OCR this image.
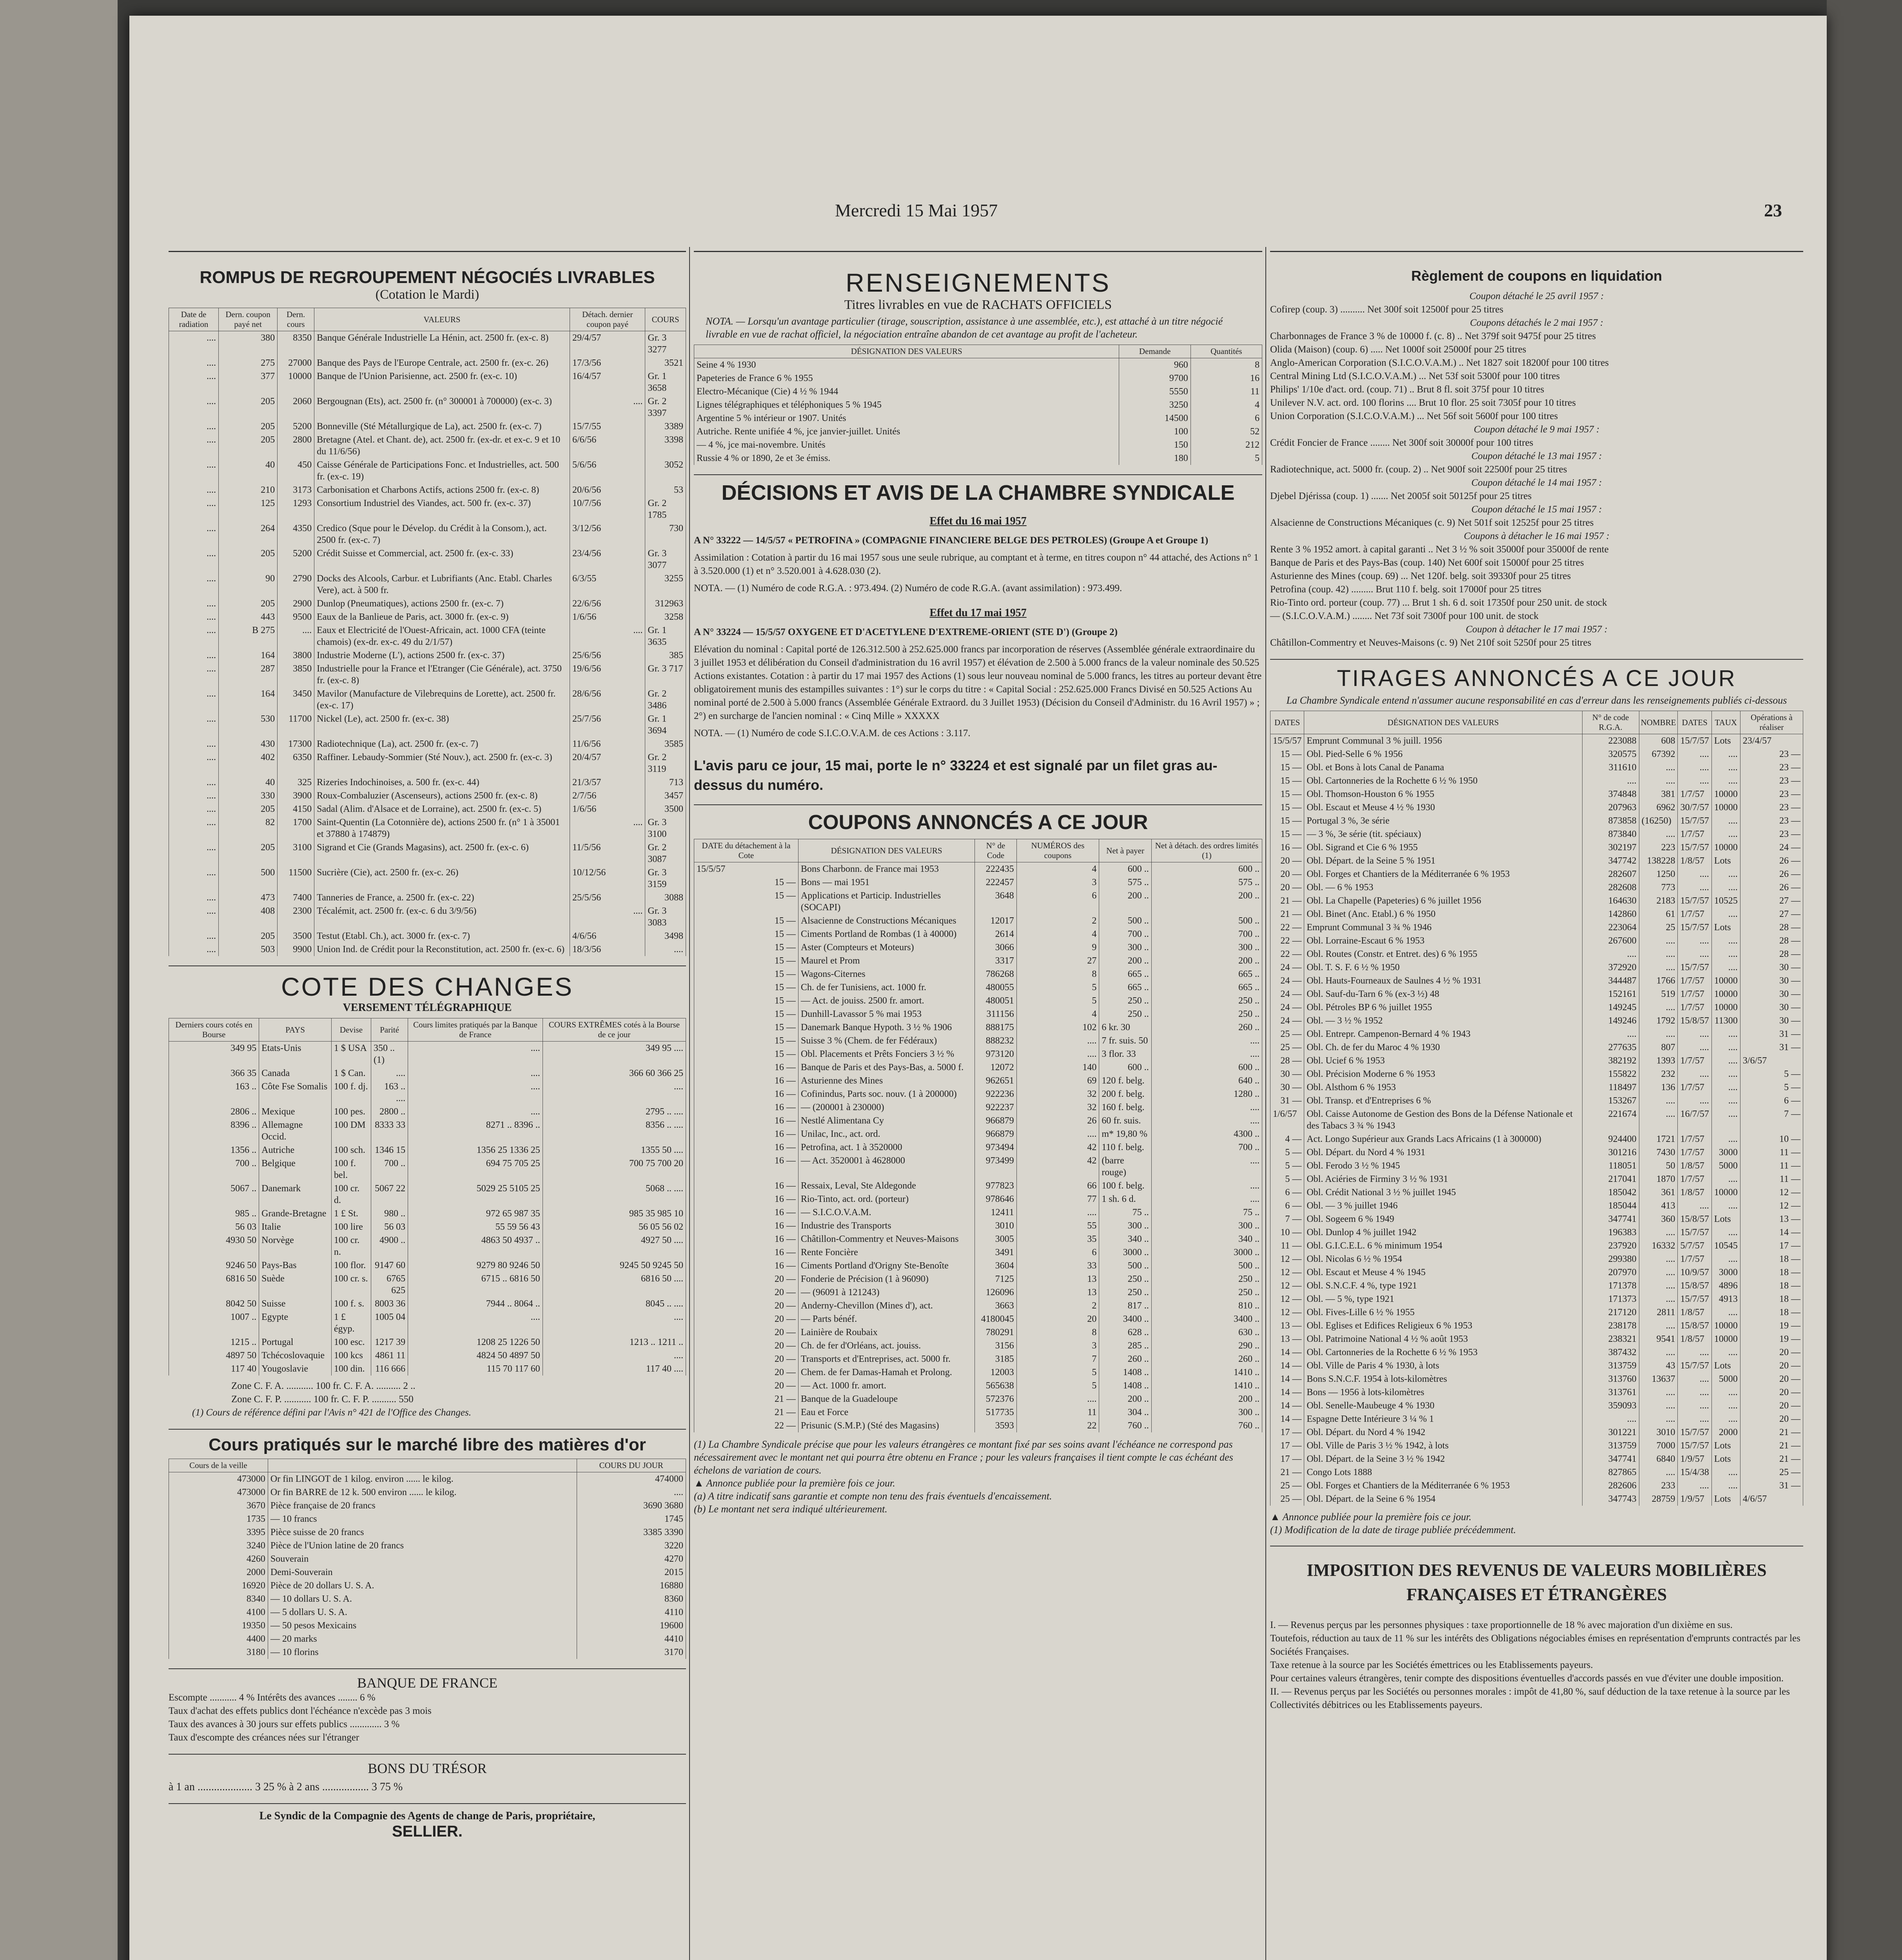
Mercredi 15 Mai 1957	23
ROMPUS DE REGROUPEMENT NÉGOCIÉS LIVRABLES
(Cotation le Mardi)
Date de radiation	Dern. coupon payé net	Dern. cours	VALEURS	Détach. dernier coupon payé	COURS
....	380	8350	Banque Générale Industrielle La Hénin, act. 2500 fr. (ex-c. 8)	29/4/57	Gr. 3 3277
....	275	27000	Banque des Pays de l'Europe Centrale, act. 2500 fr. (ex-c. 26)	17/3/56	3521
....	377	10000	Banque de l'Union Parisienne, act. 2500 fr. (ex-c. 10)	16/4/57	Gr. 1 3658
....	205	2060	Bergougnan (Ets), act. 2500 fr. (n° 300001 à 700000) (ex-c. 3)	....	Gr. 2 3397
....	205	5200	Bonneville (Sté Métallurgique de La), act. 2500 fr. (ex-c. 7)	15/7/55	3389
....	205	2800	Bretagne (Atel. et Chant. de), act. 2500 fr. (ex-dr. et ex-c. 9 et 10 du 11/6/56)	6/6/56	3398
....	40	450	Caisse Générale de Participations Fonc. et Industrielles, act. 500 fr. (ex-c. 19)	5/6/56	3052
....	210	3173	Carbonisation et Charbons Actifs, actions 2500 fr. (ex-c. 8)	20/6/56	53
....	125	1293	Consortium Industriel des Viandes, act. 500 fr. (ex-c. 37)	10/7/56	Gr. 2 1785
....	264	4350	Credico (Sque pour le Dévelop. du Crédit à la Consom.), act. 2500 fr. (ex-c. 7)	3/12/56	730
....	205	5200	Crédit Suisse et Commercial, act. 2500 fr. (ex-c. 33)	23/4/56	Gr. 3 3077
....	90	2790	Docks des Alcools, Carbur. et Lubrifiants (Anc. Etabl. Charles Vere), act. à 500 fr.	6/3/55	3255
....	205	2900	Dunlop (Pneumatiques), actions 2500 fr. (ex-c. 7)	22/6/56	312963
....	443	9500	Eaux de la Banlieue de Paris, act. 3000 fr. (ex-c. 9)	1/6/56	3258
....	B 275	....	Eaux et Electricité de l'Ouest-Africain, act. 1000 CFA (teinte chamois) (ex-dr. ex-c. 49 du 2/1/57)	....	Gr. 1 3635
....	164	3800	Industrie Moderne (L'), actions 2500 fr. (ex-c. 37)	25/6/56	385
....	287	3850	Industrielle pour la France et l'Etranger (Cie Générale), act. 3750 fr. (ex-c. 8)	19/6/56	Gr. 3 717
....	164	3450	Mavilor (Manufacture de Vilebrequins de Lorette), act. 2500 fr. (ex-c. 17)	28/6/56	Gr. 2 3486
....	530	11700	Nickel (Le), act. 2500 fr. (ex-c. 38)	25/7/56	Gr. 1 3694
....	430	17300	Radiotechnique (La), act. 2500 fr. (ex-c. 7)	11/6/56	3585
....	402	6350	Raffiner. Lebaudy-Sommier (Sté Nouv.), act. 2500 fr. (ex-c. 3)	20/4/57	Gr. 2 3119
....	40	325	Rizeries Indochinoises, a. 500 fr. (ex-c. 44)	21/3/57	713
....	330	3900	Roux-Combaluzier (Ascenseurs), actions 2500 fr. (ex-c. 8)	2/7/56	3457
....	205	4150	Sadal (Alim. d'Alsace et de Lorraine), act. 2500 fr. (ex-c. 5)	1/6/56	3500
....	82	1700	Saint-Quentin (La Cotonnière de), actions 2500 fr. (n° 1 à 35001 et 37880 à 174879)	....	Gr. 3 3100
....	205	3100	Sigrand et Cie (Grands Magasins), act. 2500 fr. (ex-c. 6)	11/5/56	Gr. 2 3087
....	500	11500	Sucrière (Cie), act. 2500 fr. (ex-c. 26)	10/12/56	Gr. 3 3159
....	473	7400	Tanneries de France, a. 2500 fr. (ex-c. 22)	25/5/56	3088
....	408	2300	Técalémit, act. 2500 fr. (ex-c. 6 du 3/9/56)	....	Gr. 3 3083
....	205	3500	Testut (Etabl. Ch.), act. 3000 fr. (ex-c. 7)	4/6/56	3498
....	503	9900	Union Ind. de Crédit pour la Reconstitution, act. 2500 fr. (ex-c. 6)	18/3/56	....
COTE DES CHANGES
VERSEMENT TÉLÉGRAPHIQUE
Derniers cours cotés en Bourse	PAYS	Devise	Parité	Cours limites pratiqués par la Banque de France	COURS EXTRÊMES cotés à la Bourse de ce jour
349 95	Etats-Unis	1 $ USA	350 ..(1)	....	349 95 ....
366 35	Canada	1 $ Can.	....	....	366 60 366 25
163 ..	Côte Fse Somalis	100 f. dj.	163 .. ....	....	....
2806 ..	Mexique	100 pes.	2800 ..	....	2795 .. ....
8396 ..	Allemagne Occid.	100 DM	8333 33	8271 .. 8396 ..	8356 .. ....
1356 ..	Autriche	100 sch.	1346 15	1356 25 1336 25	1355 50 ....
700 ..	Belgique	100 f. bel.	700 ..	694 75 705 25	700 75 700 20
5067 ..	Danemark	100 cr. d.	5067 22	5029 25 5105 25	5068 .. ....
985 ..	Grande-Bretagne	1 £ St.	980 ..	972 65 987 35	985 35 985 10
56 03	Italie	100 lire	56 03	55 59 56 43	56 05 56 02
4930 50	Norvège	100 cr. n.	4900 ..	4863 50 4937 ..	4927 50 ....
9246 50	Pays-Bas	100 flor.	9147 60	9279 80 9246 50	9245 50 9245 50
6816 50	Suède	100 cr. s.	6765 625	6715 .. 6816 50	6816 50 ....
8042 50	Suisse	100 f. s.	8003 36	7944 .. 8064 ..	8045 .. ....
1007 ..	Egypte	1 £ égyp.	1005 04	....	....
1215 ..	Portugal	100 esc.	1217 39	1208 25 1226 50	1213 .. 1211 ..
4897 50	Tchécoslovaquie	100 kcs	4861 11	4824 50 4897 50	....
117 40	Yougoslavie	100 din.	116 666	115 70 117 60	117 40 ....
Zone C. F. A. ........... 100 fr. C. F. A. .......... 2 ..
Zone C. F. P. ........... 100 fr. C. F. P. .......... 550
(1) Cours de référence défini par l'Avis n° 421 de l'Office des Changes.
Cours pratiqués sur le marché libre des matières d'or
Cours de la veille		COURS DU JOUR
473000	Or fin LINGOT de 1 kilog. environ ...... le kilog.	474000
473000	Or fin BARRE de 12 k. 500 environ ...... le kilog.	....
3670	Pièce française de 20 francs	3690 3680
1735	— 10 francs	1745
3395	Pièce suisse de 20 francs	3385 3390
3240	Pièce de l'Union latine de 20 francs	3220
4260	Souverain	4270
2000	Demi-Souverain	2015
16920	Pièce de 20 dollars U. S. A.	16880
8340	— 10 dollars U. S. A.	8360
4100	— 5 dollars U. S. A.	4110
19350	— 50 pesos Mexicains	19600
4400	— 20 marks	4410
3180	— 10 florins	3170
BANQUE DE FRANCE
Escompte ........... 4 % Intérêts des avances ........ 6 %
Taux d'achat des effets publics dont l'échéance n'excède pas 3 mois
Taux des avances à 30 jours sur effets publics ............. 3 %
Taux d'escompte des créances nées sur l'étranger
BONS DU TRÉSOR
à 1 an .................... 3 25 % à 2 ans ................. 3 75 %
Le Syndic de la Compagnie des Agents de change de Paris, propriétaire,
SELLIER.
RENSEIGNEMENTS
Titres livrables en vue de RACHATS OFFICIELS
NOTA. — Lorsqu'un avantage particulier (tirage, souscription, assistance à une assemblée, etc.), est attaché à un titre négocié livrable en vue de rachat officiel, la négociation entraîne abandon de cet avantage au profit de l'acheteur.
DÉSIGNATION DES VALEURS	Demande	Quantités
Seine 4 % 1930	960	8
Papeteries de France 6 % 1955	9700	16
Electro-Mécanique (Cie) 4 ½ % 1944	5550	11
Lignes télégraphiques et téléphoniques 5 % 1945	3250	4
Argentine 5 % intérieur or 1907. Unités	14500	6
Autriche. Rente unifiée 4 %, jce janvier-juillet. Unités	100	52
— 4 %, jce mai-novembre. Unités	150	212
Russie 4 % or 1890, 2e et 3e émiss.	180	5
DÉCISIONS ET AVIS DE LA CHAMBRE SYNDICALE
Effet du 16 mai 1957
A N° 33222 — 14/5/57 « PETROFINA » (COMPAGNIE FINANCIERE BELGE DES PETROLES) (Groupe A et Groupe 1)
Assimilation : Cotation à partir du 16 mai 1957 sous une seule rubrique, au comptant et à terme, en titres coupon n° 44 attaché, des Actions n° 1 à 3.520.000 (1) et n° 3.520.001 à 4.628.030 (2).
NOTA. — (1) Numéro de code R.G.A. : 973.494. (2) Numéro de code R.G.A. (avant assimilation) : 973.499.
Effet du 17 mai 1957
A N° 33224 — 15/5/57 OXYGENE ET D'ACETYLENE D'EXTREME-ORIENT (STE D') (Groupe 2)
Elévation du nominal : Capital porté de 126.312.500 à 252.625.000 francs par incorporation de réserves (Assemblée générale extraordinaire du 3 juillet 1953 et délibération du Conseil d'administration du 16 avril 1957) et élévation de 2.500 à 5.000 francs de la valeur nominale des 50.525 Actions existantes. Cotation : à partir du 17 mai 1957 des Actions (1) sous leur nouveau nominal de 5.000 francs, les titres au porteur devant être obligatoirement munis des estampilles suivantes : 1°) sur le corps du titre : « Capital Social : 252.625.000 Francs Divisé en 50.525 Actions Au nominal porté de 2.500 à 5.000 francs (Assemblée Générale Extraord. du 3 Juillet 1953) (Décision du Conseil d'Administr. du 16 Avril 1957) » ; 2°) en surcharge de l'ancien nominal : « Cinq Mille » XXXXX
NOTA. — (1) Numéro de code S.I.C.O.V.A.M. de ces Actions : 3.117.
L'avis paru ce jour, 15 mai, porte le n° 33224 et est signalé par un filet gras au-dessus du numéro.
COUPONS ANNONCÉS A CE JOUR
DATE du détachement à la Cote	DÉSIGNATION DES VALEURS	N° de Code	NUMÉROS des coupons	Net à payer	Net à détach. des ordres limités (1)
15/5/57	Bons Charbonn. de France mai 1953	222435	4	600 ..	600 ..
15 —	Bons — mai 1951	222457	3	575 ..	575 ..
15 —	Applications et Particip. Industrielles (SOCAPI)	3648	6	200 ..	200 ..
15 —	Alsacienne de Constructions Mécaniques	12017	2	500 ..	500 ..
15 —	Ciments Portland de Rombas (1 à 40000)	2614	4	700 ..	700 ..
15 —	Aster (Compteurs et Moteurs)	3066	9	300 ..	300 ..
15 —	Maurel et Prom	3317	27	200 ..	200 ..
15 —	Wagons-Citernes	786268	8	665 ..	665 ..
15 —	Ch. de fer Tunisiens, act. 1000 fr.	480055	5	665 ..	665 ..
15 —	— Act. de jouiss. 2500 fr. amort.	480051	5	250 ..	250 ..
15 —	Dunhill-Lavassor 5 % mai 1953	311156	4	250 ..	250 ..
15 —	Danemark Banque Hypoth. 3 ½ % 1906	888175	102	6 kr. 30	260 ..
15 —	Suisse 3 % (Chem. de fer Fédéraux)	888232	....	7 fr. suis. 50	....
15 —	Obl. Placements et Prêts Fonciers 3 ½ %	973120	....	3 flor. 33	....
16 —	Banque de Paris et des Pays-Bas, a. 5000 f.	12072	140	600 ..	600 ..
16 —	Asturienne des Mines	962651	69	120 f. belg.	640 ..
16 —	Cofinindus, Parts soc. nouv. (1 à 200000)	922236	32	200 f. belg.	1280 ..
16 —	— (200001 à 230000)	922237	32	160 f. belg.	....
16 —	Nestlé Alimentana Cy	966879	26	60 fr. suis.	....
16 —	Unilac, Inc., act. ord.	966879	....	m* 19,80 %	4300 ..
16 —	Petrofina, act. 1 à 3520000	973494	42	110 f. belg.	700 ..
16 —	— Act. 3520001 à 4628000	973499	42	(barre rouge)	....
16 —	Ressaix, Leval, Ste Aldegonde	977823	66	100 f. belg.	....
16 —	Rio-Tinto, act. ord. (porteur)	978646	77	1 sh. 6 d.	....
16 —	— S.I.C.O.V.A.M.	12411	....	75 ..	75 ..
16 —	Industrie des Transports	3010	55	300 ..	300 ..
16 —	Châtillon-Commentry et Neuves-Maisons	3005	35	340 ..	340 ..
16 —	Rente Foncière	3491	6	3000 ..	3000 ..
16 —	Ciments Portland d'Origny Ste-Benoîte	3604	33	500 ..	500 ..
20 —	Fonderie de Précision (1 à 96090)	7125	13	250 ..	250 ..
20 —	— (96091 à 121243)	126096	13	250 ..	250 ..
20 —	Anderny-Chevillon (Mines d'), act.	3663	2	817 ..	810 ..
20 —	— Parts bénéf.	4180045	20	3400 ..	3400 ..
20 —	Lainière de Roubaix	780291	8	628 ..	630 ..
20 —	Ch. de fer d'Orléans, act. jouiss.	3156	3	285 ..	290 ..
20 —	Transports et d'Entreprises, act. 5000 fr.	3185	7	260 ..	260 ..
20 —	Chem. de fer Damas-Hamah et Prolong.	12003	5	1408 ..	1410 ..
20 —	— Act. 1000 fr. amort.	565638	5	1408 ..	1410 ..
21 —	Banque de la Guadeloupe	572376	....	200 ..	200 ..
21 —	Eau et Force	517735	11	304 ..	300 ..
22 —	Prisunic (S.M.P.) (Sté des Magasins)	3593	22	760 ..	760 ..
(1) La Chambre Syndicale précise que pour les valeurs étrangères ce montant fixé par ses soins avant l'échéance ne correspond pas nécessairement avec le montant net qui pourra être obtenu en France ; pour les valeurs françaises il tient compte le cas échéant des échelons de variation de cours.
▲ Annonce publiée pour la première fois ce jour.
(a) A titre indicatif sans garantie et compte non tenu des frais éventuels d'encaissement.
(b) Le montant net sera indiqué ultérieurement.
Règlement de coupons en liquidation
Coupon détaché le 25 avril 1957 :
Cofirep (coup. 3) .......... Net 300f soit 12500f pour 25 titres
Coupons détachés le 2 mai 1957 :
Charbonnages de France 3 % de 10000 f. (c. 8) .. Net 379f soit 9475f pour 25 titres
Olida (Maison) (coup. 6) ..... Net 1000f soit 25000f pour 25 titres
Anglo-American Corporation (S.I.C.O.V.A.M.) .. Net 1827 soit 18200f pour 100 titres
Central Mining Ltd (S.I.C.O.V.A.M.) ... Net 53f soit 5300f pour 100 titres
Philips' 1/10e d'act. ord. (coup. 71) .. Brut 8 fl. soit 375f pour 10 titres
Unilever N.V. act. ord. 100 florins .... Brut 10 flor. 25 soit 7305f pour 10 titres
Union Corporation (S.I.C.O.V.A.M.) ... Net 56f soit 5600f pour 100 titres
Coupon détaché le 9 mai 1957 :
Crédit Foncier de France ........ Net 300f soit 30000f pour 100 titres
Coupon détaché le 13 mai 1957 :
Radiotechnique, act. 5000 fr. (coup. 2) .. Net 900f soit 22500f pour 25 titres
Coupon détaché le 14 mai 1957 :
Djebel Djérissa (coup. 1) ....... Net 2005f soit 50125f pour 25 titres
Coupon détaché le 15 mai 1957 :
Alsacienne de Constructions Mécaniques (c. 9) Net 501f soit 12525f pour 25 titres
Coupons à détacher le 16 mai 1957 :
Rente 3 % 1952 amort. à capital garanti .. Net 3 ½ % soit 35000f pour 35000f de rente
Banque de Paris et des Pays-Bas (coup. 140) Net 600f soit 15000f pour 25 titres
Asturienne des Mines (coup. 69) ... Net 120f. belg. soit 39330f pour 25 titres
Petrofina (coup. 42) ......... Brut 110 f. belg. soit 17000f pour 25 titres
Rio-Tinto ord. porteur (coup. 77) ... Brut 1 sh. 6 d. soit 17350f pour 250 unit. de stock
— (S.I.C.O.V.A.M.) ........ Net 73f soit 7300f pour 100 unit. de stock
Coupon à détacher le 17 mai 1957 :
Châtillon-Commentry et Neuves-Maisons (c. 9) Net 210f soit 5250f pour 25 titres
TIRAGES ANNONCÉS A CE JOUR
La Chambre Syndicale entend n'assumer aucune responsabilité en cas d'erreur dans les renseignements publiés ci-dessous
DATES	DÉSIGNATION DES VALEURS	N° de code R.G.A.	NOMBRE	DATES	TAUX	Opérations à réaliser
15/5/57	Emprunt Communal 3 % juill. 1956	223088	608	15/7/57	Lots	23/4/57
15 —	Obl. Pied-Selle 6 % 1956	320575	67392	....	....	23 —
15 —	Obl. et Bons à lots Canal de Panama	311610	....	....	....	23 —
15 —	Obl. Cartonneries de la Rochette 6 ½ % 1950	....	....	....	....	23 —
15 —	Obl. Thomson-Houston 6 % 1955	374848	381	1/7/57	10000	23 —
15 —	Obl. Escaut et Meuse 4 ½ % 1930	207963	6962	30/7/57	10000	23 —
15 —	Portugal 3 %, 3e série	873858	(16250)	15/7/57	....	23 —
15 —	— 3 %, 3e série (tit. spéciaux)	873840	....	1/7/57	....	23 —
16 —	Obl. Sigrand et Cie 6 % 1955	302197	223	15/7/57	10000	24 —
20 —	Obl. Départ. de la Seine 5 % 1951	347742	138228	1/8/57	Lots	26 —
20 —	Obl. Forges et Chantiers de la Méditerranée 6 % 1953	282607	1250	....	....	26 —
20 —	Obl. — 6 % 1953	282608	773	....	....	26 —
21 —	Obl. La Chapelle (Papeteries) 6 % juillet 1956	164630	2183	15/7/57	10525	27 —
21 —	Obl. Binet (Anc. Etabl.) 6 % 1950	142860	61	1/7/57	....	27 —
22 —	Emprunt Communal 3 ¾ % 1946	223064	25	15/7/57	Lots	28 —
22 —	Obl. Lorraine-Escaut 6 % 1953	267600	....	....	....	28 —
22 —	Obl. Routes (Constr. et Entret. des) 6 % 1955	....	....	....	....	28 —
24 —	Obl. T. S. F. 6 ½ % 1950	372920	....	15/7/57	....	30 —
24 —	Obl. Hauts-Fourneaux de Saulnes 4 ½ % 1931	344487	1766	1/7/57	10000	30 —
24 —	Obl. Sauf-du-Tarn 6 % (ex-3 ½) 48	152161	519	1/7/57	10000	30 —
24 —	Obl. Pétroles BP 6 % juillet 1955	149245	....	1/7/57	10000	30 —
24 —	Obl. — 3 ½ % 1952	149246	1792	15/8/57	11300	30 —
25 —	Obl. Entrepr. Campenon-Bernard 4 % 1943	....	....	....	....	31 —
25 —	Obl. Ch. de fer du Maroc 4 % 1930	277635	807	....	....	31 —
28 —	Obl. Ucief 6 % 1953	382192	1393	1/7/57	....	3/6/57
30 —	Obl. Précision Moderne 6 % 1953	155822	232	....	....	5 —
30 —	Obl. Alsthom 6 % 1953	118497	136	1/7/57	....	5 —
31 —	Obl. Transp. et d'Entreprises 6 %	153267	....	....	....	6 —
1/6/57	Obl. Caisse Autonome de Gestion des Bons de la Défense Nationale et des Tabacs 3 ¾ % 1943	221674	....	16/7/57	....	7 —
4 —	Act. Longo Supérieur aux Grands Lacs Africains (1 à 300000)	924400	1721	1/7/57	....	10 —
5 —	Obl. Départ. du Nord 4 % 1931	301216	7430	1/7/57	3000	11 —
5 —	Obl. Ferodo 3 ½ % 1945	118051	50	1/8/57	5000	11 —
5 —	Obl. Aciéries de Firminy 3 ½ % 1931	217041	1870	1/7/57	....	11 —
6 —	Obl. Crédit National 3 ½ % juillet 1945	185042	361	1/8/57	10000	12 —
6 —	Obl. — 3 % juillet 1946	185044	413	....	....	12 —
7 —	Obl. Sogeem 6 % 1949	347741	360	15/8/57	Lots	13 —
10 —	Obl. Dunlop 4 % juillet 1942	196383	....	15/7/57	....	14 —
11 —	Obl. G.I.C.E.L. 6 % minimum 1954	237920	16332	5/7/57	10545	17 —
12 —	Obl. Nicolas 6 ½ % 1954	299380	....	1/7/57	....	18 —
12 —	Obl. Escaut et Meuse 4 % 1945	207970	....	10/9/57	3000	18 —
12 —	Obl. S.N.C.F. 4 %, type 1921	171378	....	15/8/57	4896	18 —
12 —	Obl. — 5 %, type 1921	171373	....	15/7/57	4913	18 —
12 —	Obl. Fives-Lille 6 ½ % 1955	217120	2811	1/8/57	....	18 —
13 —	Obl. Eglises et Edifices Religieux 6 % 1953	238178	....	15/8/57	10000	19 —
13 —	Obl. Patrimoine National 4 ½ % août 1953	238321	9541	1/8/57	10000	19 —
14 —	Obl. Cartonneries de la Rochette 6 ½ % 1953	387432	....	....	....	20 —
14 —	Obl. Ville de Paris 4 % 1930, à lots	313759	43	15/7/57	Lots	20 —
14 —	Bons S.N.C.F. 1954 à lots-kilomètres	313760	13637	....	5000	20 —
14 —	Bons — 1956 à lots-kilomètres	313761	....	....	....	20 —
14 —	Obl. Senelle-Maubeuge 4 % 1930	359093	....	....	....	20 —
14 —	Espagne Dette Intérieure 3 ¼ % 1	....	....	....	....	20 —
17 —	Obl. Départ. du Nord 4 % 1942	301221	3010	15/7/57	2000	21 —
17 —	Obl. Ville de Paris 3 ½ % 1942, à lots	313759	7000	15/7/57	Lots	21 —
17 —	Obl. Départ. de la Seine 3 ½ % 1942	347741	6840	1/9/57	Lots	21 —
21 —	Congo Lots 1888	827865	....	15/4/38	....	25 —
25 —	Obl. Forges et Chantiers de la Méditerranée 6 % 1953	282606	233	....	....	31 —
25 —	Obl. Départ. de la Seine 6 % 1954	347743	28759	1/9/57	Lots	4/6/57
▲ Annonce publiée pour la première fois ce jour.
(1) Modification de la date de tirage publiée précédemment.
IMPOSITION DES REVENUS DE VALEURS MOBILIÈRES FRANÇAISES ET ÉTRANGÈRES
I. — Revenus perçus par les personnes physiques : taxe proportionnelle de 18 % avec majoration d'un dixième en sus.
Toutefois, réduction au taux de 11 % sur les intérêts des Obligations négociables émises en représentation d'emprunts contractés par les Sociétés Françaises.
Taxe retenue à la source par les Sociétés émettrices ou les Etablissements payeurs.
Pour certaines valeurs étrangères, tenir compte des dispositions éventuelles d'accords passés en vue d'éviter une double imposition.
II. — Revenus perçus par les Sociétés ou personnes morales : impôt de 41,80 %, sauf déduction de la taxe retenue à la source par les Collectivités débitrices ou les Etablissements payeurs.
